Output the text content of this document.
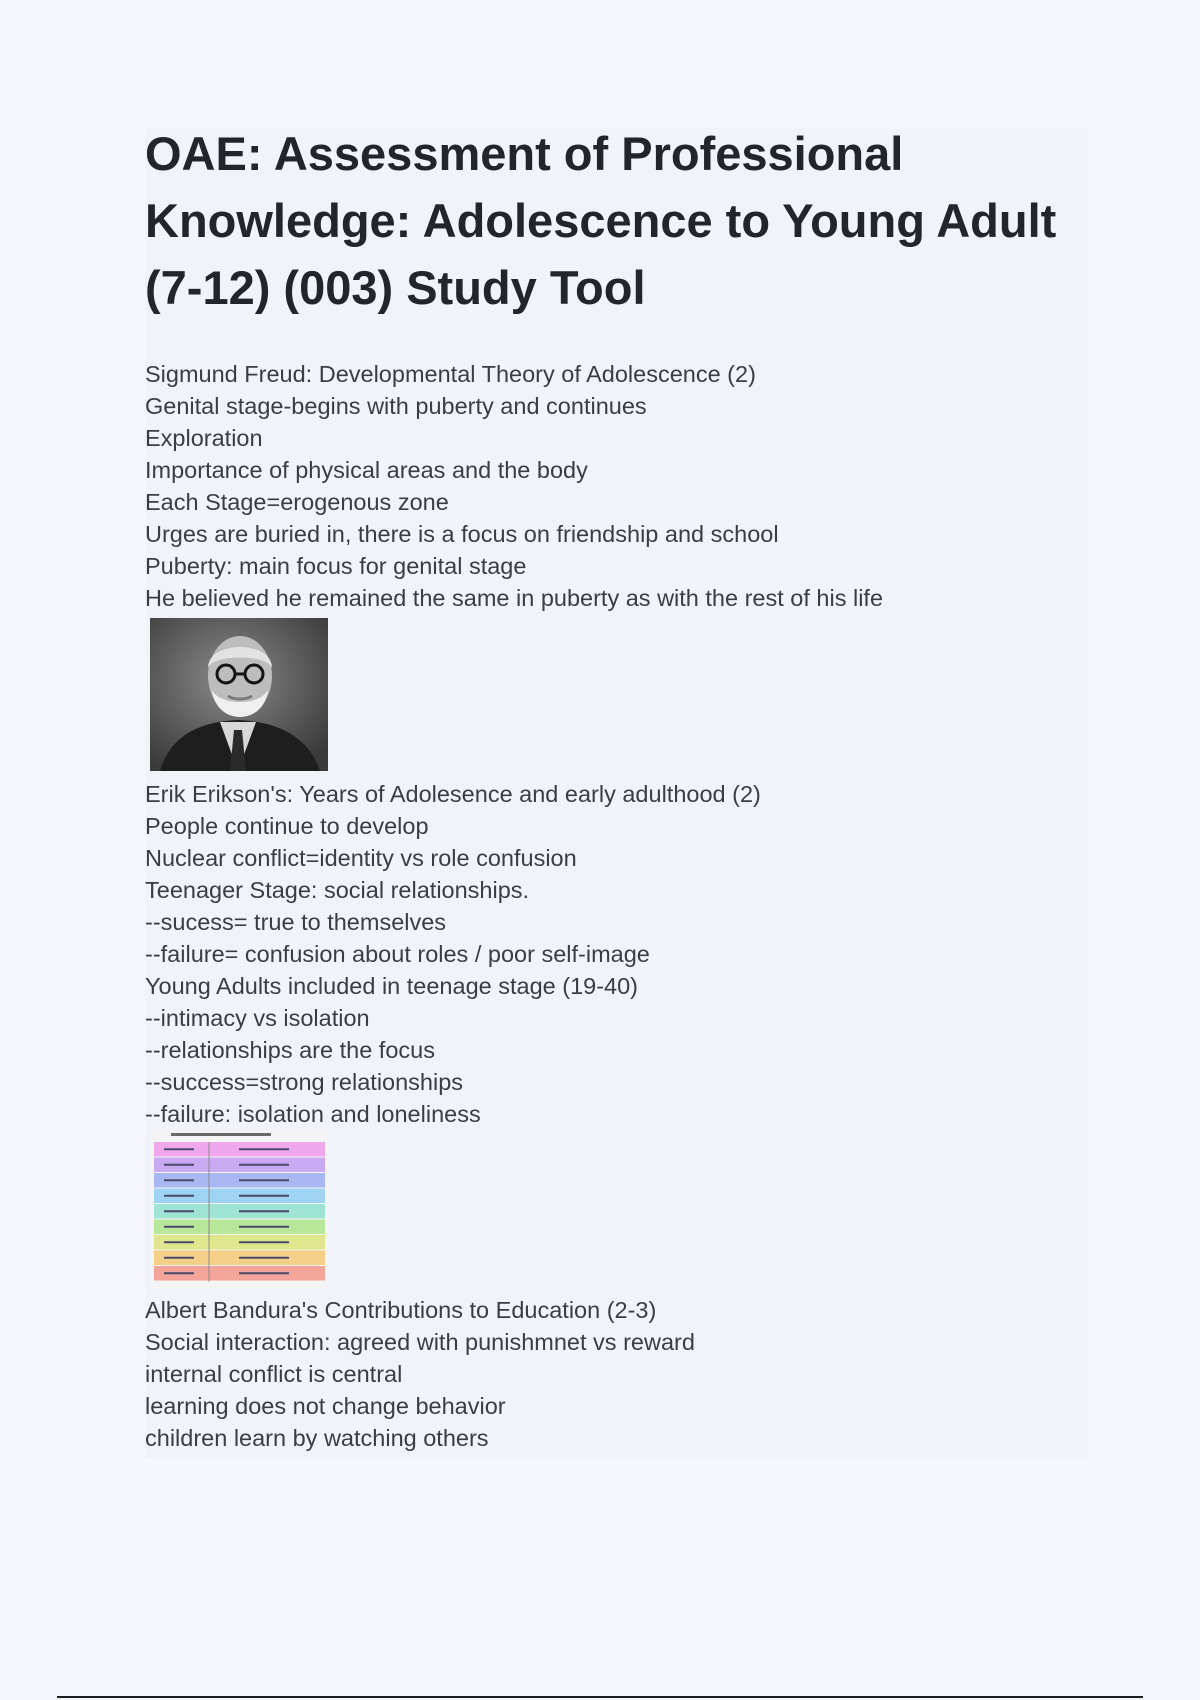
OAE: Assessment of Professional Knowledge: Adolescence to Young Adult (7-12) (003) Study Tool
Sigmund Freud: Developmental Theory of Adolescence (2)
Genital stage-begins with puberty and continues
Exploration
Importance of physical areas and the body
Each Stage=erogenous zone
Urges are buried in, there is a focus on friendship and school
Puberty: main focus for genital stage
He believed he remained the same in puberty as with the rest of his life
Erik Erikson's: Years of Adolesence and early adulthood (2)
People continue to develop
Nuclear conflict=identity vs role confusion
Teenager Stage: social relationships.
--sucess= true to themselves
--failure= confusion about roles / poor self-image
Young Adults included in teenage stage (19-40)
--intimacy vs isolation
--relationships are the focus
--success=strong relationships
--failure: isolation and loneliness
Albert Bandura's Contributions to Education (2-3)
Social interaction: agreed with punishmnet vs reward
internal conflict is central
learning does not change behavior
children learn by watching others
